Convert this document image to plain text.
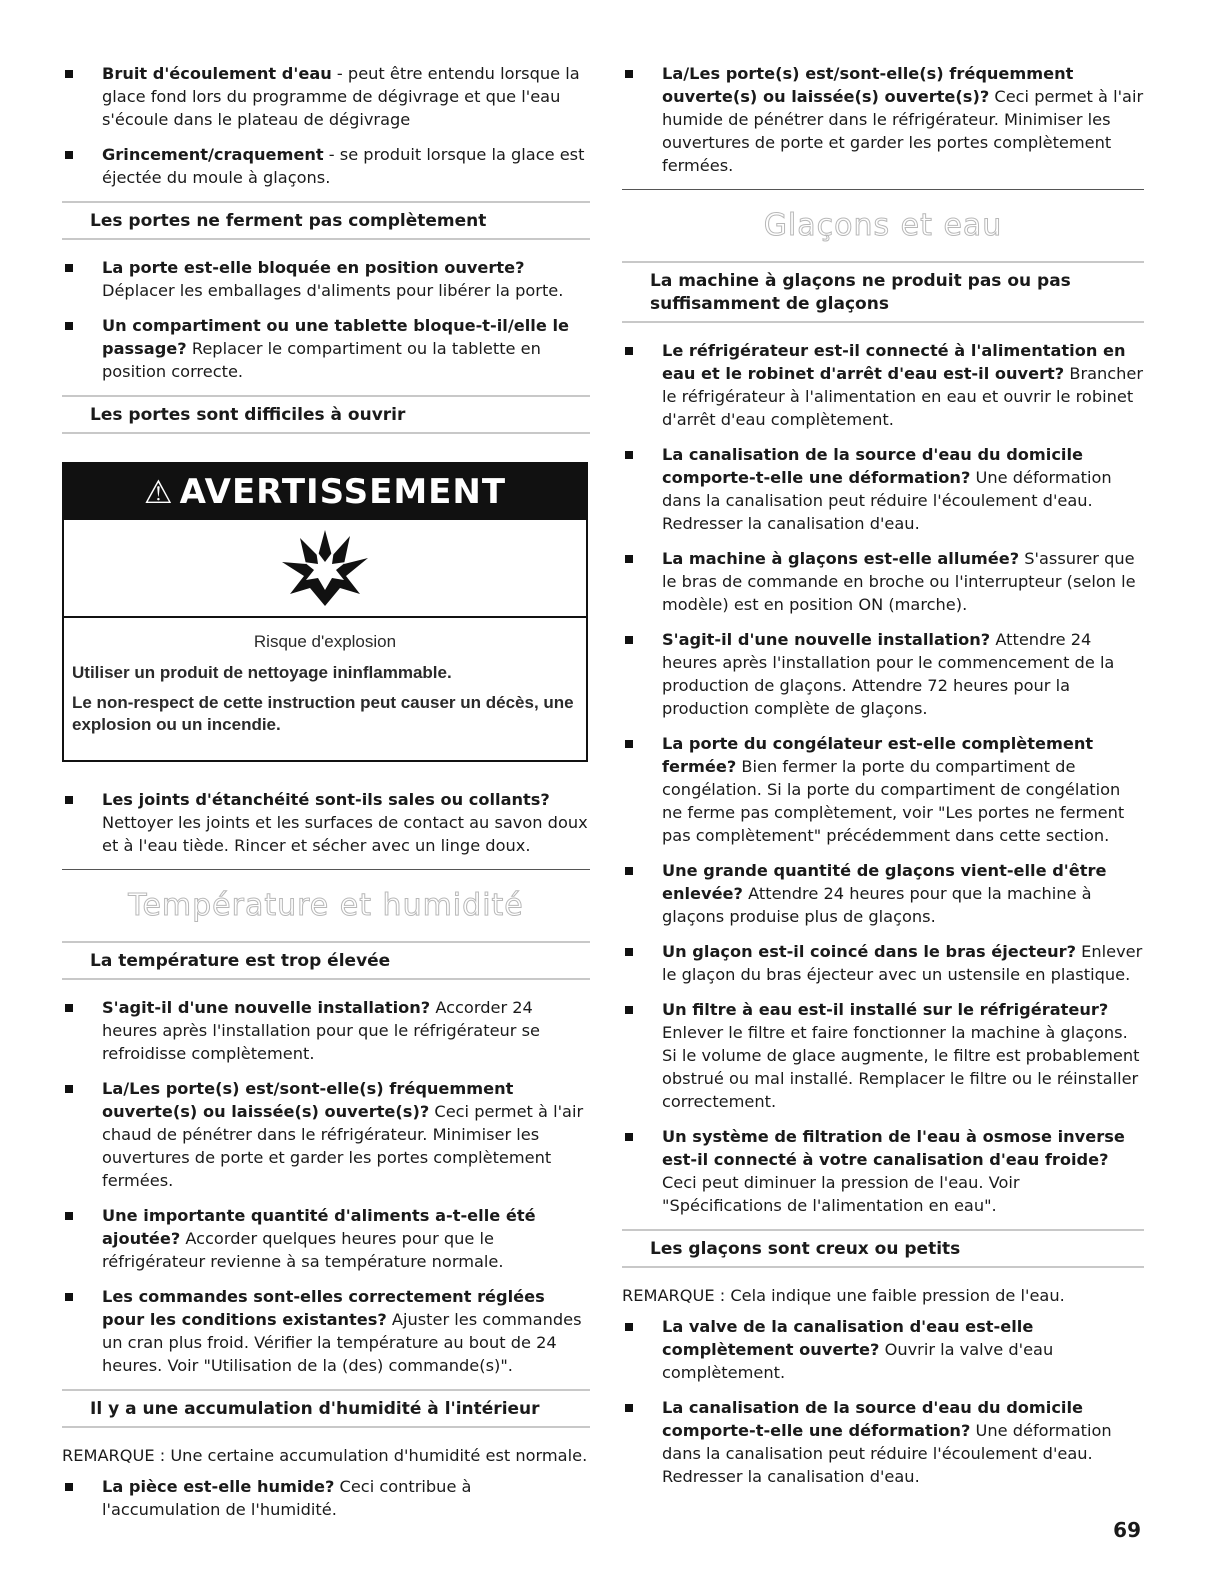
Bruit d'écoulement d'eau - peut être entendu lorsque la glace fond lors du programme de dégivrage et que l'eau s'écoule dans le plateau de dégivrage
Grincement/craquement - se produit lorsque la glace est éjectée du moule à glaçons.
Les portes ne ferment pas complètement
La porte est-elle bloquée en position ouverte? Déplacer les emballages d'aliments pour libérer la porte.
Un compartiment ou une tablette bloque-t-il/elle le passage? Replacer le compartiment ou la tablette en position correcte.
Les portes sont difficiles à ouvrir
⚠ AVERTISSEMENT
Risque d'explosion
Utiliser un produit de nettoyage ininflammable.
Le non-respect de cette instruction peut causer un décès, une explosion ou un incendie.
Les joints d'étanchéité sont-ils sales ou collants? Nettoyer les joints et les surfaces de contact au savon doux et à l'eau tiède. Rincer et sécher avec un linge doux.
Température et humidité
La température est trop élevée
S'agit-il d'une nouvelle installation? Accorder 24 heures après l'installation pour que le réfrigérateur se refroidisse complètement.
La/Les porte(s) est/sont-elle(s) fréquemment ouverte(s) ou laissée(s) ouverte(s)? Ceci permet à l'air chaud de pénétrer dans le réfrigérateur. Minimiser les ouvertures de porte et garder les portes complètement fermées.
Une importante quantité d'aliments a-t-elle été ajoutée? Accorder quelques heures pour que le réfrigérateur revienne à sa température normale.
Les commandes sont-elles correctement réglées pour les conditions existantes? Ajuster les commandes un cran plus froid. Vérifier la température au bout de 24 heures. Voir "Utilisation de la (des) commande(s)".
Il y a une accumulation d'humidité à l'intérieur

REMARQUE : Une certaine accumulation d'humidité est normale.

La pièce est-elle humide? Ceci contribue à l'accumulation de l'humidité.
La/Les porte(s) est/sont-elle(s) fréquemment ouverte(s) ou laissée(s) ouverte(s)? Ceci permet à l'air humide de pénétrer dans le réfrigérateur. Minimiser les ouvertures de porte et garder les portes complètement fermées.
Glaçons et eau
La machine à glaçons ne produit pas ou pas suffisamment de glaçons
Le réfrigérateur est-il connecté à l'alimentation en eau et le robinet d'arrêt d'eau est-il ouvert? Brancher le réfrigérateur à l'alimentation en eau et ouvrir le robinet d'arrêt d'eau complètement.
La canalisation de la source d'eau du domicile comporte-t-elle une déformation? Une déformation dans la canalisation peut réduire l'écoulement d'eau. Redresser la canalisation d'eau.
La machine à glaçons est-elle allumée? S'assurer que le bras de commande en broche ou l'interrupteur (selon le modèle) est en position ON (marche).
S'agit-il d'une nouvelle installation? Attendre 24 heures après l'installation pour le commencement de la production de glaçons. Attendre 72 heures pour la production complète de glaçons.
La porte du congélateur est-elle complètement fermée? Bien fermer la porte du compartiment de congélation. Si la porte du compartiment de congélation ne ferme pas complètement, voir "Les portes ne ferment pas complètement" précédemment dans cette section.
Une grande quantité de glaçons vient-elle d'être enlevée? Attendre 24 heures pour que la machine à glaçons produise plus de glaçons.
Un glaçon est-il coincé dans le bras éjecteur? Enlever le glaçon du bras éjecteur avec un ustensile en plastique.
Un filtre à eau est-il installé sur le réfrigérateur? Enlever le filtre et faire fonctionner la machine à glaçons. Si le volume de glace augmente, le filtre est probablement obstrué ou mal installé. Remplacer le filtre ou le réinstaller correctement.
Un système de filtration de l'eau à osmose inverse est-il connecté à votre canalisation d'eau froide? Ceci peut diminuer la pression de l'eau. Voir "Spécifications de l'alimentation en eau".
Les glaçons sont creux ou petits

REMARQUE : Cela indique une faible pression de l'eau.

La valve de la canalisation d'eau est-elle complètement ouverte? Ouvrir la valve d'eau complètement.
La canalisation de la source d'eau du domicile comporte-t-elle une déformation? Une déformation dans la canalisation peut réduire l'écoulement d'eau. Redresser la canalisation d'eau.
69
